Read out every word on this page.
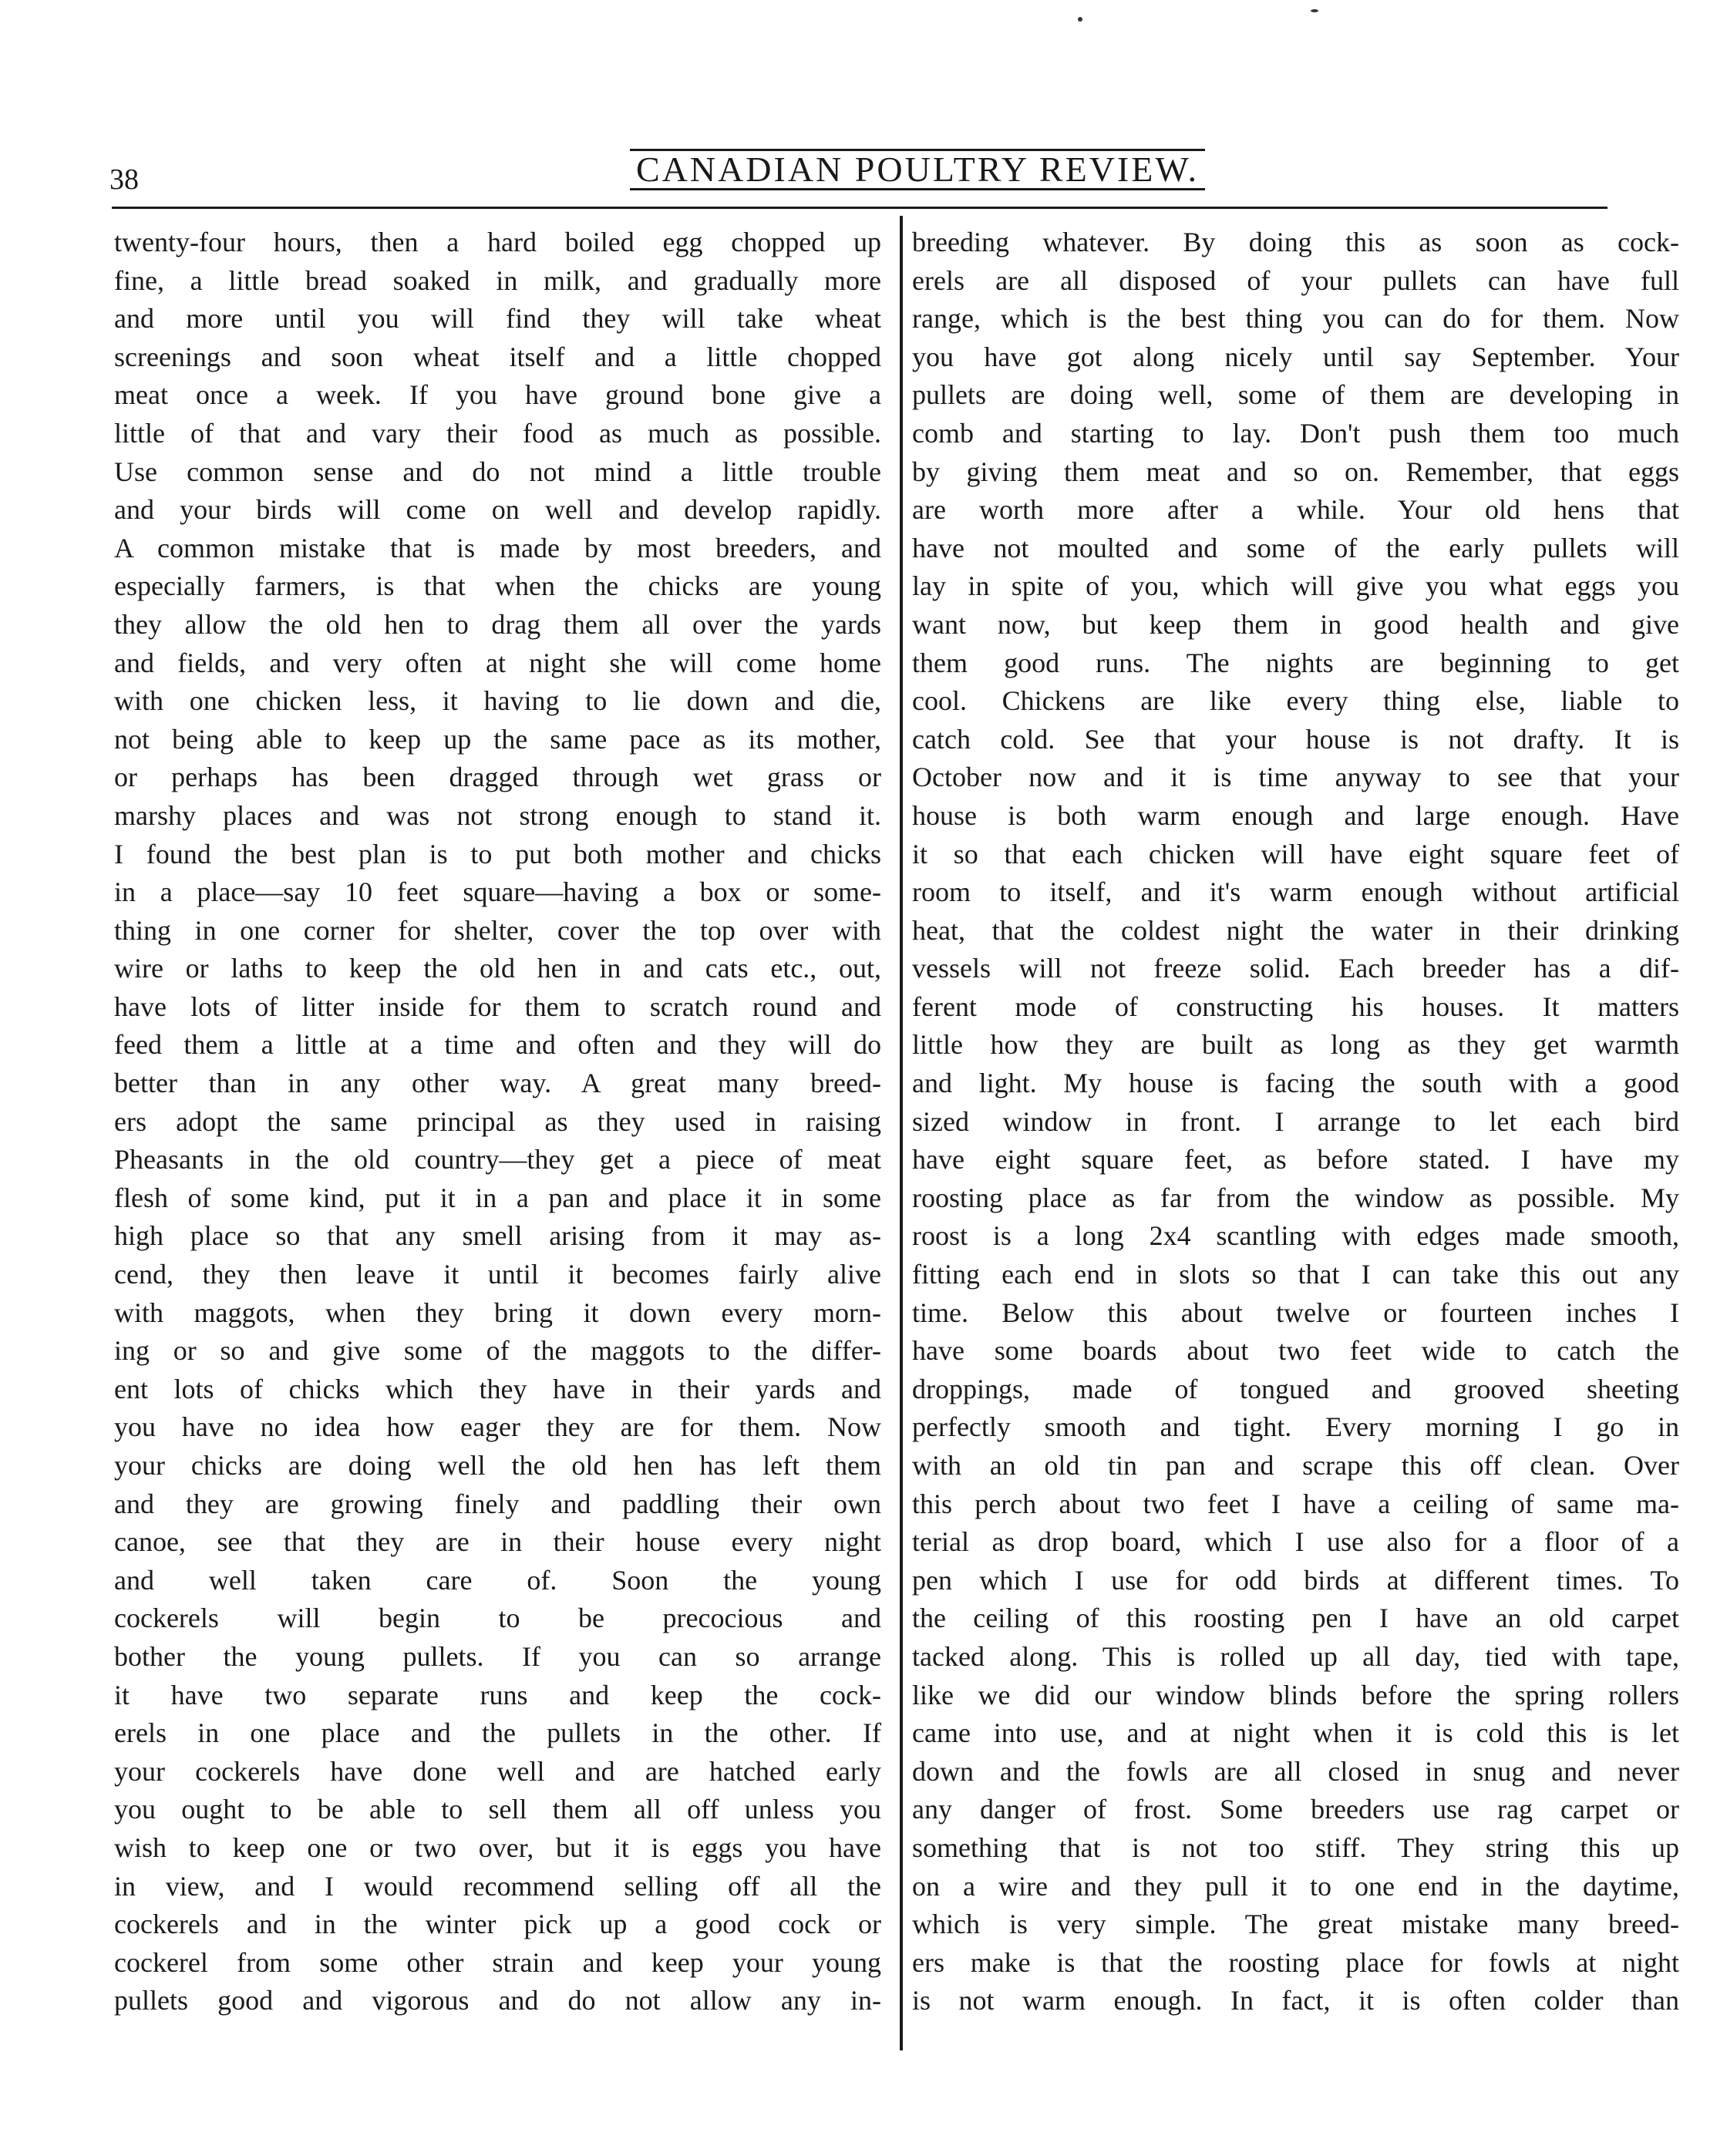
38	CANADIAN POULTRY REVIEW.
twenty-four hours, then a hard boiled egg chopped up
fine, a little bread soaked in milk, and gradually more
and more until you will find they will take wheat
screenings and soon wheat itself and a little chopped
meat once a week. If you have ground bone give a
little of that and vary their food as much as possible.
Use common sense and do not mind a little trouble
and your birds will come on well and develop rapidly.
A common mistake that is made by most breeders, and
especially farmers, is that when the chicks are young
they allow the old hen to drag them all over the yards
and fields, and very often at night she will come home
with one chicken less, it having to lie down and die,
not being able to keep up the same pace as its mother,
or perhaps has been dragged through wet grass or
marshy places and was not strong enough to stand it.
I found the best plan is to put both mother and chicks
in a place—say 10 feet square—having a box or some-
thing in one corner for shelter, cover the top over with
wire or laths to keep the old hen in and cats etc., out,
have lots of litter inside for them to scratch round and
feed them a little at a time and often and they will do
better than in any other way. A great many breed-
ers adopt the same principal as they used in raising
Pheasants in the old country—they get a piece of meat
flesh of some kind, put it in a pan and place it in some
high place so that any smell arising from it may as-
cend, they then leave it until it becomes fairly alive
with maggots, when they bring it down every morn-
ing or so and give some of the maggots to the differ-
ent lots of chicks which they have in their yards and
you have no idea how eager they are for them. Now
your chicks are doing well the old hen has left them
and they are growing finely and paddling their own
canoe, see that they are in their house every night
and well taken care of. Soon the young
cockerels will begin to be precocious and
bother the young pullets. If you can so arrange
it have two separate runs and keep the cock-
erels in one place and the pullets in the other. If
your cockerels have done well and are hatched early
you ought to be able to sell them all off unless you
wish to keep one or two over, but it is eggs you have
in view, and I would recommend selling off all the
cockerels and in the winter pick up a good cock or
cockerel from some other strain and keep your young
pullets good and vigorous and do not allow any in-
breeding whatever. By doing this as soon as cock-
erels are all disposed of your pullets can have full
range, which is the best thing you can do for them. Now
you have got along nicely until say September. Your
pullets are doing well, some of them are developing in
comb and starting to lay. Don't push them too much
by giving them meat and so on. Remember, that eggs
are worth more after a while. Your old hens that
have not moulted and some of the early pullets will
lay in spite of you, which will give you what eggs you
want now, but keep them in good health and give
them good runs. The nights are beginning to get
cool. Chickens are like every thing else, liable to
catch cold. See that your house is not drafty. It is
October now and it is time anyway to see that your
house is both warm enough and large enough. Have
it so that each chicken will have eight square feet of
room to itself, and it's warm enough without artificial
heat, that the coldest night the water in their drinking
vessels will not freeze solid. Each breeder has a dif-
ferent mode of constructing his houses. It matters
little how they are built as long as they get warmth
and light. My house is facing the south with a good
sized window in front. I arrange to let each bird
have eight square feet, as before stated. I have my
roosting place as far from the window as possible. My
roost is a long 2x4 scantling with edges made smooth,
fitting each end in slots so that I can take this out any
time. Below this about twelve or fourteen inches I
have some boards about two feet wide to catch the
droppings, made of tongued and grooved sheeting
perfectly smooth and tight. Every morning I go in
with an old tin pan and scrape this off clean. Over
this perch about two feet I have a ceiling of same ma-
terial as drop board, which I use also for a floor of a
pen which I use for odd birds at different times. To
the ceiling of this roosting pen I have an old carpet
tacked along. This is rolled up all day, tied with tape,
like we did our window blinds before the spring rollers
came into use, and at night when it is cold this is let
down and the fowls are all closed in snug and never
any danger of frost. Some breeders use rag carpet or
something that is not too stiff. They string this up
on a wire and they pull it to one end in the daytime,
which is very simple. The great mistake many breed-
ers make is that the roosting place for fowls at night
is not warm enough. In fact, it is often colder than
